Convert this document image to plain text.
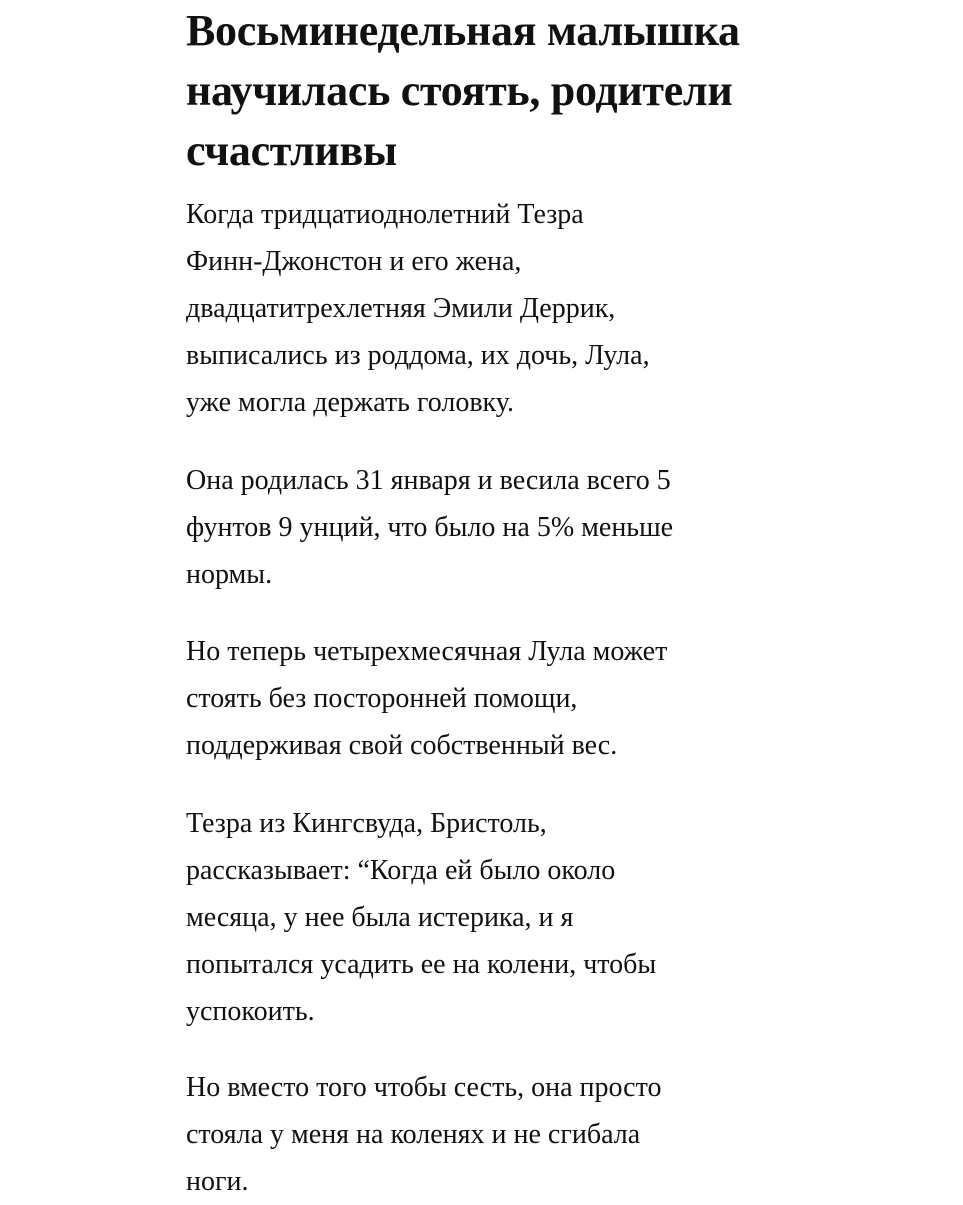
Восьминедельная малышка
научилась стоять, родители
счастливы

Когда тридцатиоднолетний Тезра
Финн-Джонстон и его жена,
двадцатитрехлетняя Эмили Деррик,
выписались из роддома, их дочь, Лула,
уже могла держать головку.

Она родилась 31 января и весила всего 5
фунтов 9 унций, что было на 5% меньше
нормы.

Но теперь четырехмесячная Лула может
стоять без посторонней помощи,
поддерживая свой собственный вес.

Тезра из Кингсвуда, Бристоль,
рассказывает: “Когда ей было около
месяца, у нее была истерика, и я
попытался усадить ее на колени, чтобы
успокоить.

Но вместо того чтобы сесть, она просто
стояла у меня на коленях и не сгибала
ноги.
